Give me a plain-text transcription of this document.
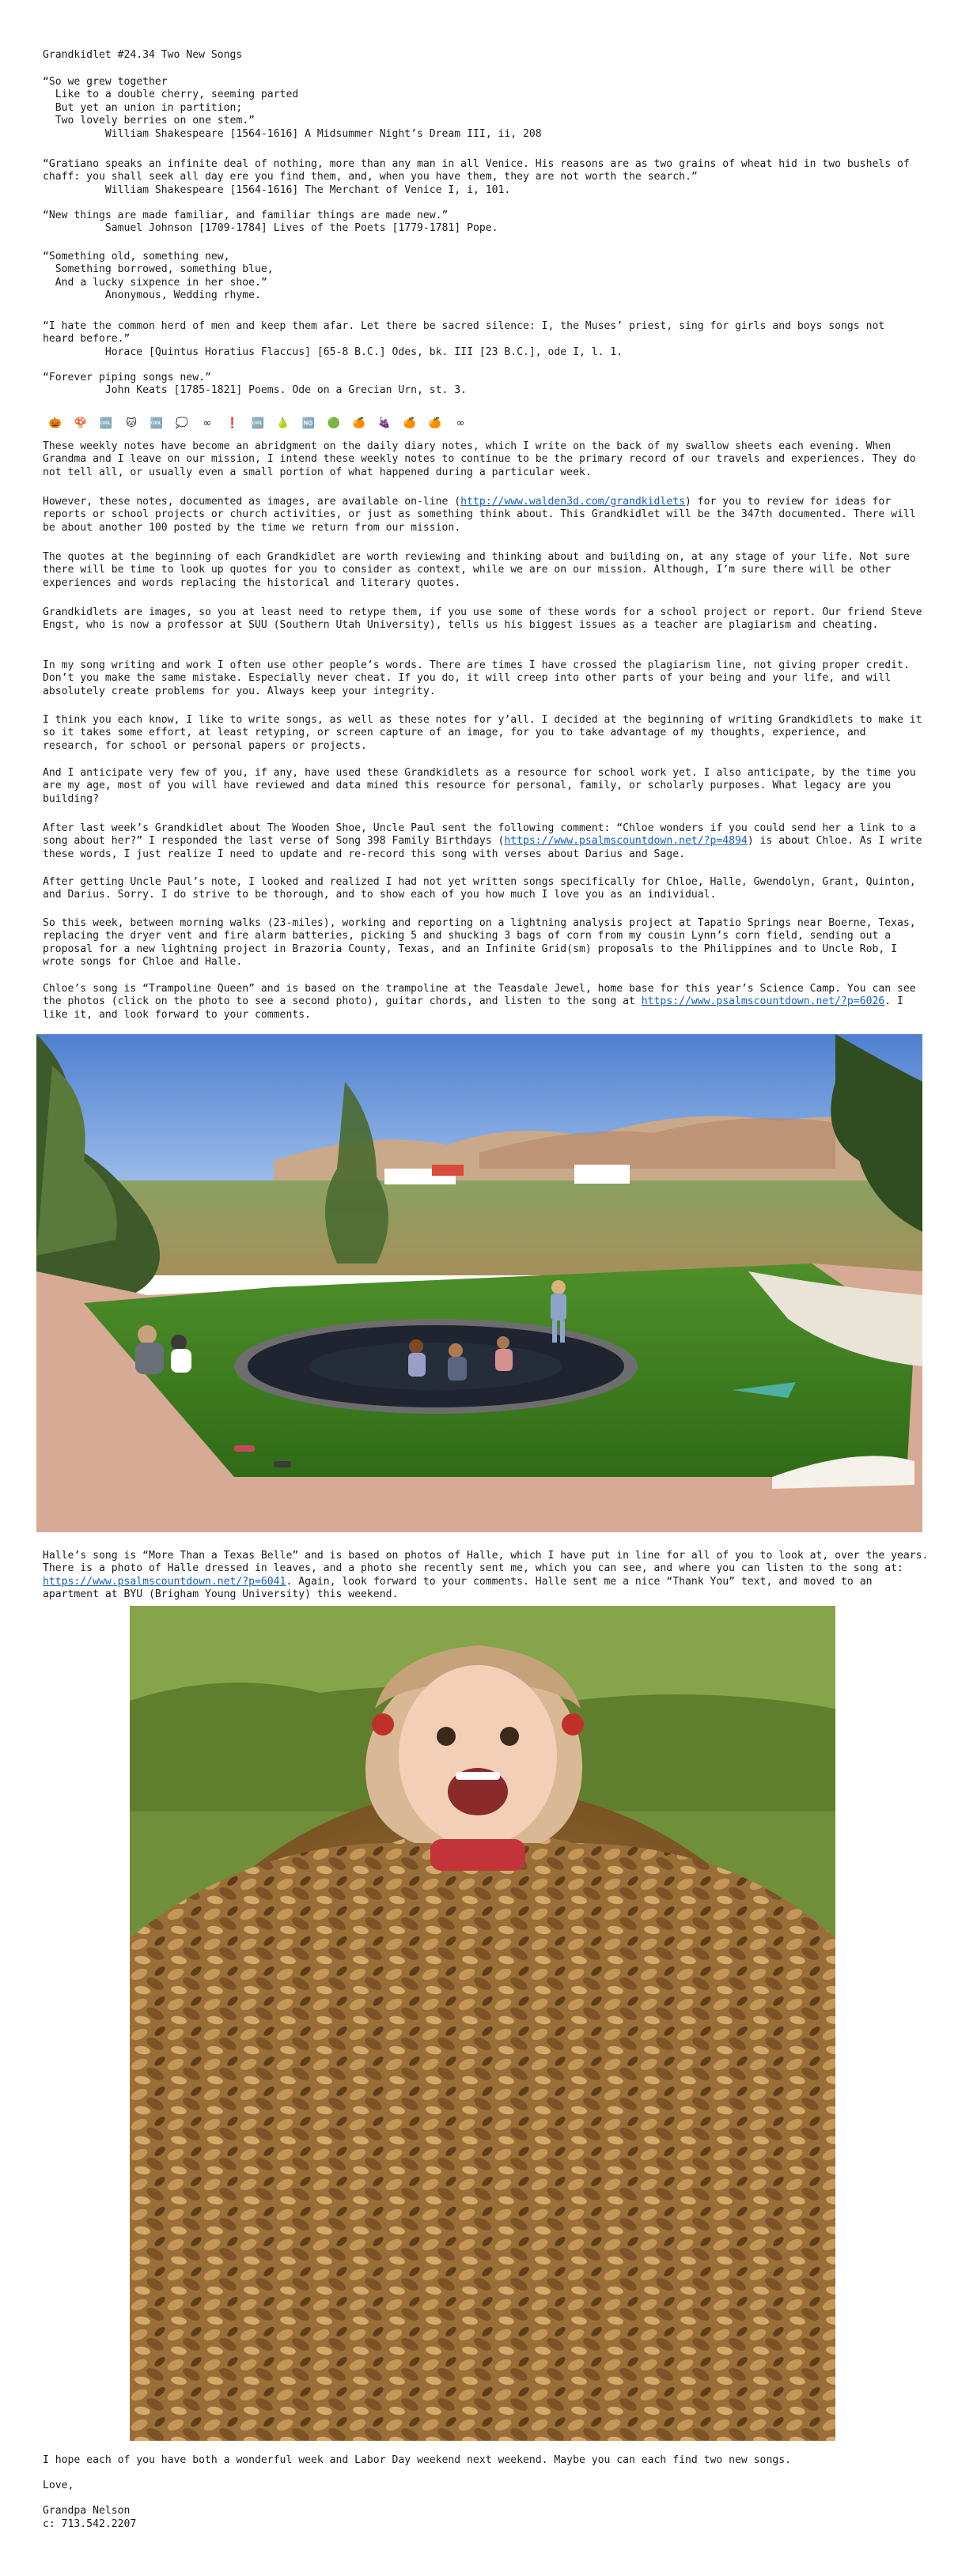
Grandkidlet #24.34 Two New Songs
“So we grew together
Like to a double cherry, seeming parted
But yet an union in partition;
Two lovely berries on one stem.”
William Shakespeare [1564-1616] A Midsummer Night’s Dream III, ii, 208
“Gratiano speaks an infinite deal of nothing, more than any man in all Venice. His reasons are as two grains of wheat hid in two bushels of
chaff: you shall seek all day ere you find them, and, when you have them, they are not worth the search.”
William Shakespeare [1564-1616] The Merchant of Venice I, i, 101.
“New things are made familiar, and familiar things are made new.”
Samuel Johnson [1709-1784] Lives of the Poets [1779-1781] Pope.
“Something old, something new,
Something borrowed, something blue,
And a lucky sixpence in her shoe.”
Anonymous, Wedding rhyme.
“I hate the common herd of men and keep them afar. Let there be sacred silence: I, the Muses’ priest, sing for girls and boys songs not
heard before.”
Horace [Quintus Horatius Flaccus] [65-8 B.C.] Odes, bk. III [23 B.C.], ode I, l. 1.
“Forever piping songs new.”
John Keats [1785-1821] Poems. Ode on a Grecian Urn, st. 3.
🎃	🍄	🆒	🐱	🆒	💭	∞	❗	🆒	🍐	🆖	🟢	🍊	🍇	🍊	🍊	∞

These weekly notes have become an abridgment on the daily diary notes, which I write on the back of my swallow sheets each evening. When Grandma and I leave on our mission, I intend these weekly notes to continue to be the primary record of our travels and experiences. They do not tell all, or usually even a small portion of what happened during a particular week.

However, these notes, documented as images, are available on-line (http://www.walden3d.com/grandkidlets) for you to review for ideas for reports or school projects or church activities, or just as something think about. This Grandkidlet will be the 347th documented. There will be about another 100 posted by the time we return from our mission.

The quotes at the beginning of each Grandkidlet are worth reviewing and thinking about and building on, at any stage of your life. Not sure there will be time to look up quotes for you to consider as context, while we are on our mission. Although, I’m sure there will be other experiences and words replacing the historical and literary quotes.

Grandkidlets are images, so you at least need to retype them, if you use some of these words for a school project or report. Our friend Steve Engst, who is now a professor at SUU (Southern Utah University), tells us his biggest issues as a teacher are plagiarism and cheating.

In my song writing and work I often use other people’s words. There are times I have crossed the plagiarism line, not giving proper credit. Don’t you make the same mistake. Especially never cheat. If you do, it will creep into other parts of your being and your life, and will absolutely create problems for you. Always keep your integrity.

I think you each know, I like to write songs, as well as these notes for y’all. I decided at the beginning of writing Grandkidlets to make it so it takes some effort, at least retyping, or screen capture of an image, for you to take advantage of my thoughts, experience, and research, for school or personal papers or projects.

And I anticipate very few of you, if any, have used these Grandkidlets as a resource for school work yet. I also anticipate, by the time you are my age, most of you will have reviewed and data mined this resource for personal, family, or scholarly purposes. What legacy are you building?

After last week’s Grandkidlet about The Wooden Shoe, Uncle Paul sent the following comment: “Chloe wonders if you could send her a link to a song about her?” I responded the last verse of Song 398 Family Birthdays (https://www.psalmscountdown.net/?p=4894) is about Chloe. As I write these words, I just realize I need to update and re-record this song with verses about Darius and Sage.

After getting Uncle Paul’s note, I looked and realized I had not yet written songs specifically for Chloe, Halle, Gwendolyn, Grant, Quinton, and Darius. Sorry. I do strive to be thorough, and to show each of you how much I love you as an individual.

So this week, between morning walks (23-miles), working and reporting on a lightning analysis project at Tapatio Springs near Boerne, Texas, replacing the dryer vent and fire alarm batteries, picking 5 and shucking 3 bags of corn from my cousin Lynn’s corn field, sending out a proposal for a new lightning project in Brazoria County, Texas, and an Infinite Grid(sm) proposals to the Philippines and to Uncle Rob, I wrote songs for Chloe and Halle.

Chloe’s song is “Trampoline Queen” and is based on the trampoline at the Teasdale Jewel, home base for this year’s Science Camp. You can see the photos (click on the photo to see a second photo), guitar chords, and listen to the song at https://www.psalmscountdown.net/?p=6026. I like it, and look forward to your comments.

Halle’s song is “More Than a Texas Belle” and is based on photos of Halle, which I have put in line for all of you to look at, over the years. There is a photo of Halle dressed in leaves, and a photo she recently sent me, which you can see, and where you can listen to the song at: https://www.psalmscountdown.net/?p=6041. Again, look forward to your comments. Halle sent me a nice “Thank You” text, and moved to an apartment at BYU (Brigham Young University) this weekend.

I hope each of you have both a wonderful week and Labor Day weekend next weekend. Maybe you can each find two new songs.

Love,

Grandpa Nelson

c: 713.542.2207
